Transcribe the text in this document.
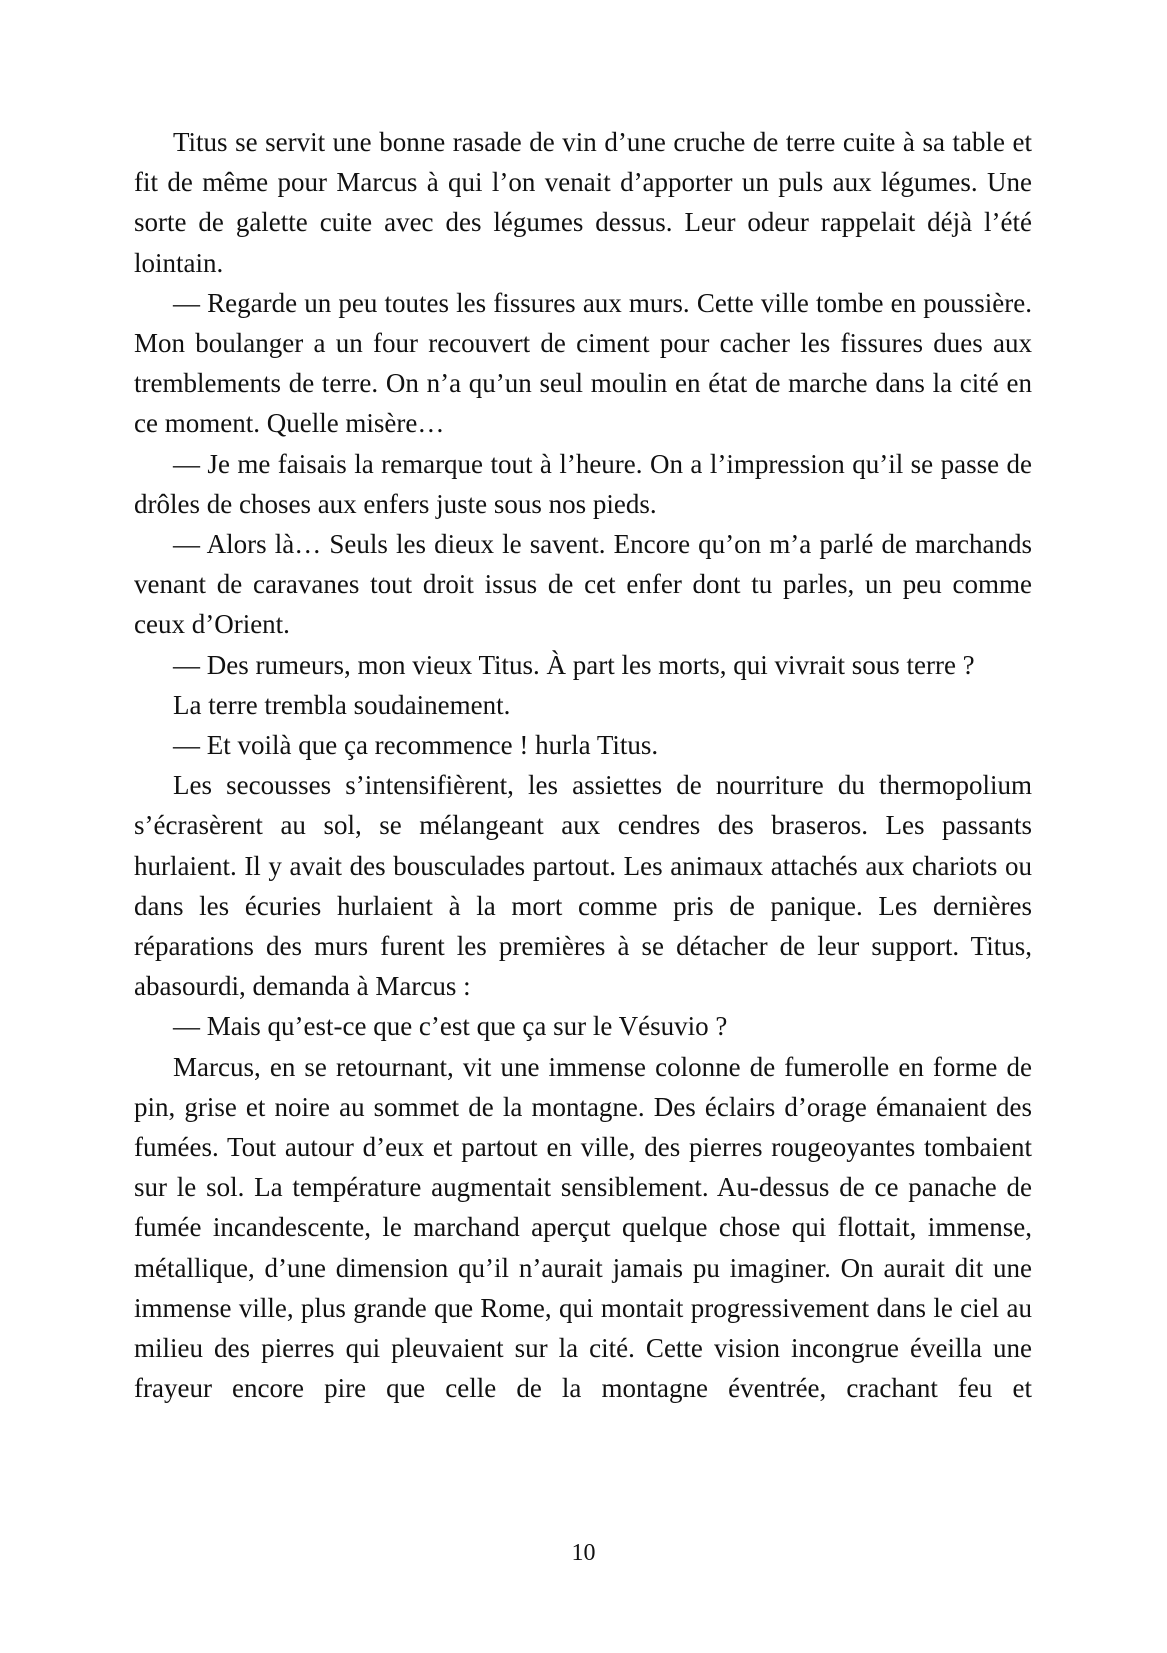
Titus se servit une bonne rasade de vin d’une cruche de terre cuite à sa table et fit de même pour Marcus à qui l’on venait d’apporter un puls aux légumes. Une sorte de galette cuite avec des légumes dessus. Leur odeur rappelait déjà l’été lointain.

— Regarde un peu toutes les fissures aux murs. Cette ville tombe en poussière. Mon boulanger a un four recouvert de ciment pour cacher les fissures dues aux tremblements de terre. On n’a qu’un seul moulin en état de marche dans la cité en ce moment. Quelle misère…

— Je me faisais la remarque tout à l’heure. On a l’impression qu’il se passe de drôles de choses aux enfers juste sous nos pieds.

— Alors là… Seuls les dieux le savent. Encore qu’on m’a parlé de marchands venant de caravanes tout droit issus de cet enfer dont tu parles, un peu comme ceux d’Orient.

— Des rumeurs, mon vieux Titus. À part les morts, qui vivrait sous terre ?

La terre trembla soudainement.

— Et voilà que ça recommence ! hurla Titus.

Les secousses s’intensifièrent, les assiettes de nourriture du thermopolium s’écrasèrent au sol, se mélangeant aux cendres des braseros. Les passants hurlaient. Il y avait des bousculades partout. Les animaux attachés aux chariots ou dans les écuries hurlaient à la mort comme pris de panique. Les dernières réparations des murs furent les premières à se détacher de leur support. Titus, abasourdi, demanda à Marcus :

— Mais qu’est-ce que c’est que ça sur le Vésuvio ?

Marcus, en se retournant, vit une immense colonne de fumerolle en forme de pin, grise et noire au sommet de la montagne. Des éclairs d’orage émanaient des fumées. Tout autour d’eux et partout en ville, des pierres rougeoyantes tombaient sur le sol. La température augmentait sensiblement. Au-dessus de ce panache de fumée incandescente, le marchand aperçut quelque chose qui flottait, immense, métallique, d’une dimension qu’il n’aurait jamais pu imaginer. On aurait dit une immense ville, plus grande que Rome, qui montait progressivement dans le ciel au milieu des pierres qui pleuvaient sur la cité. Cette vision incongrue éveilla une frayeur encore pire que celle de la montagne éventrée, crachant feu et

10
